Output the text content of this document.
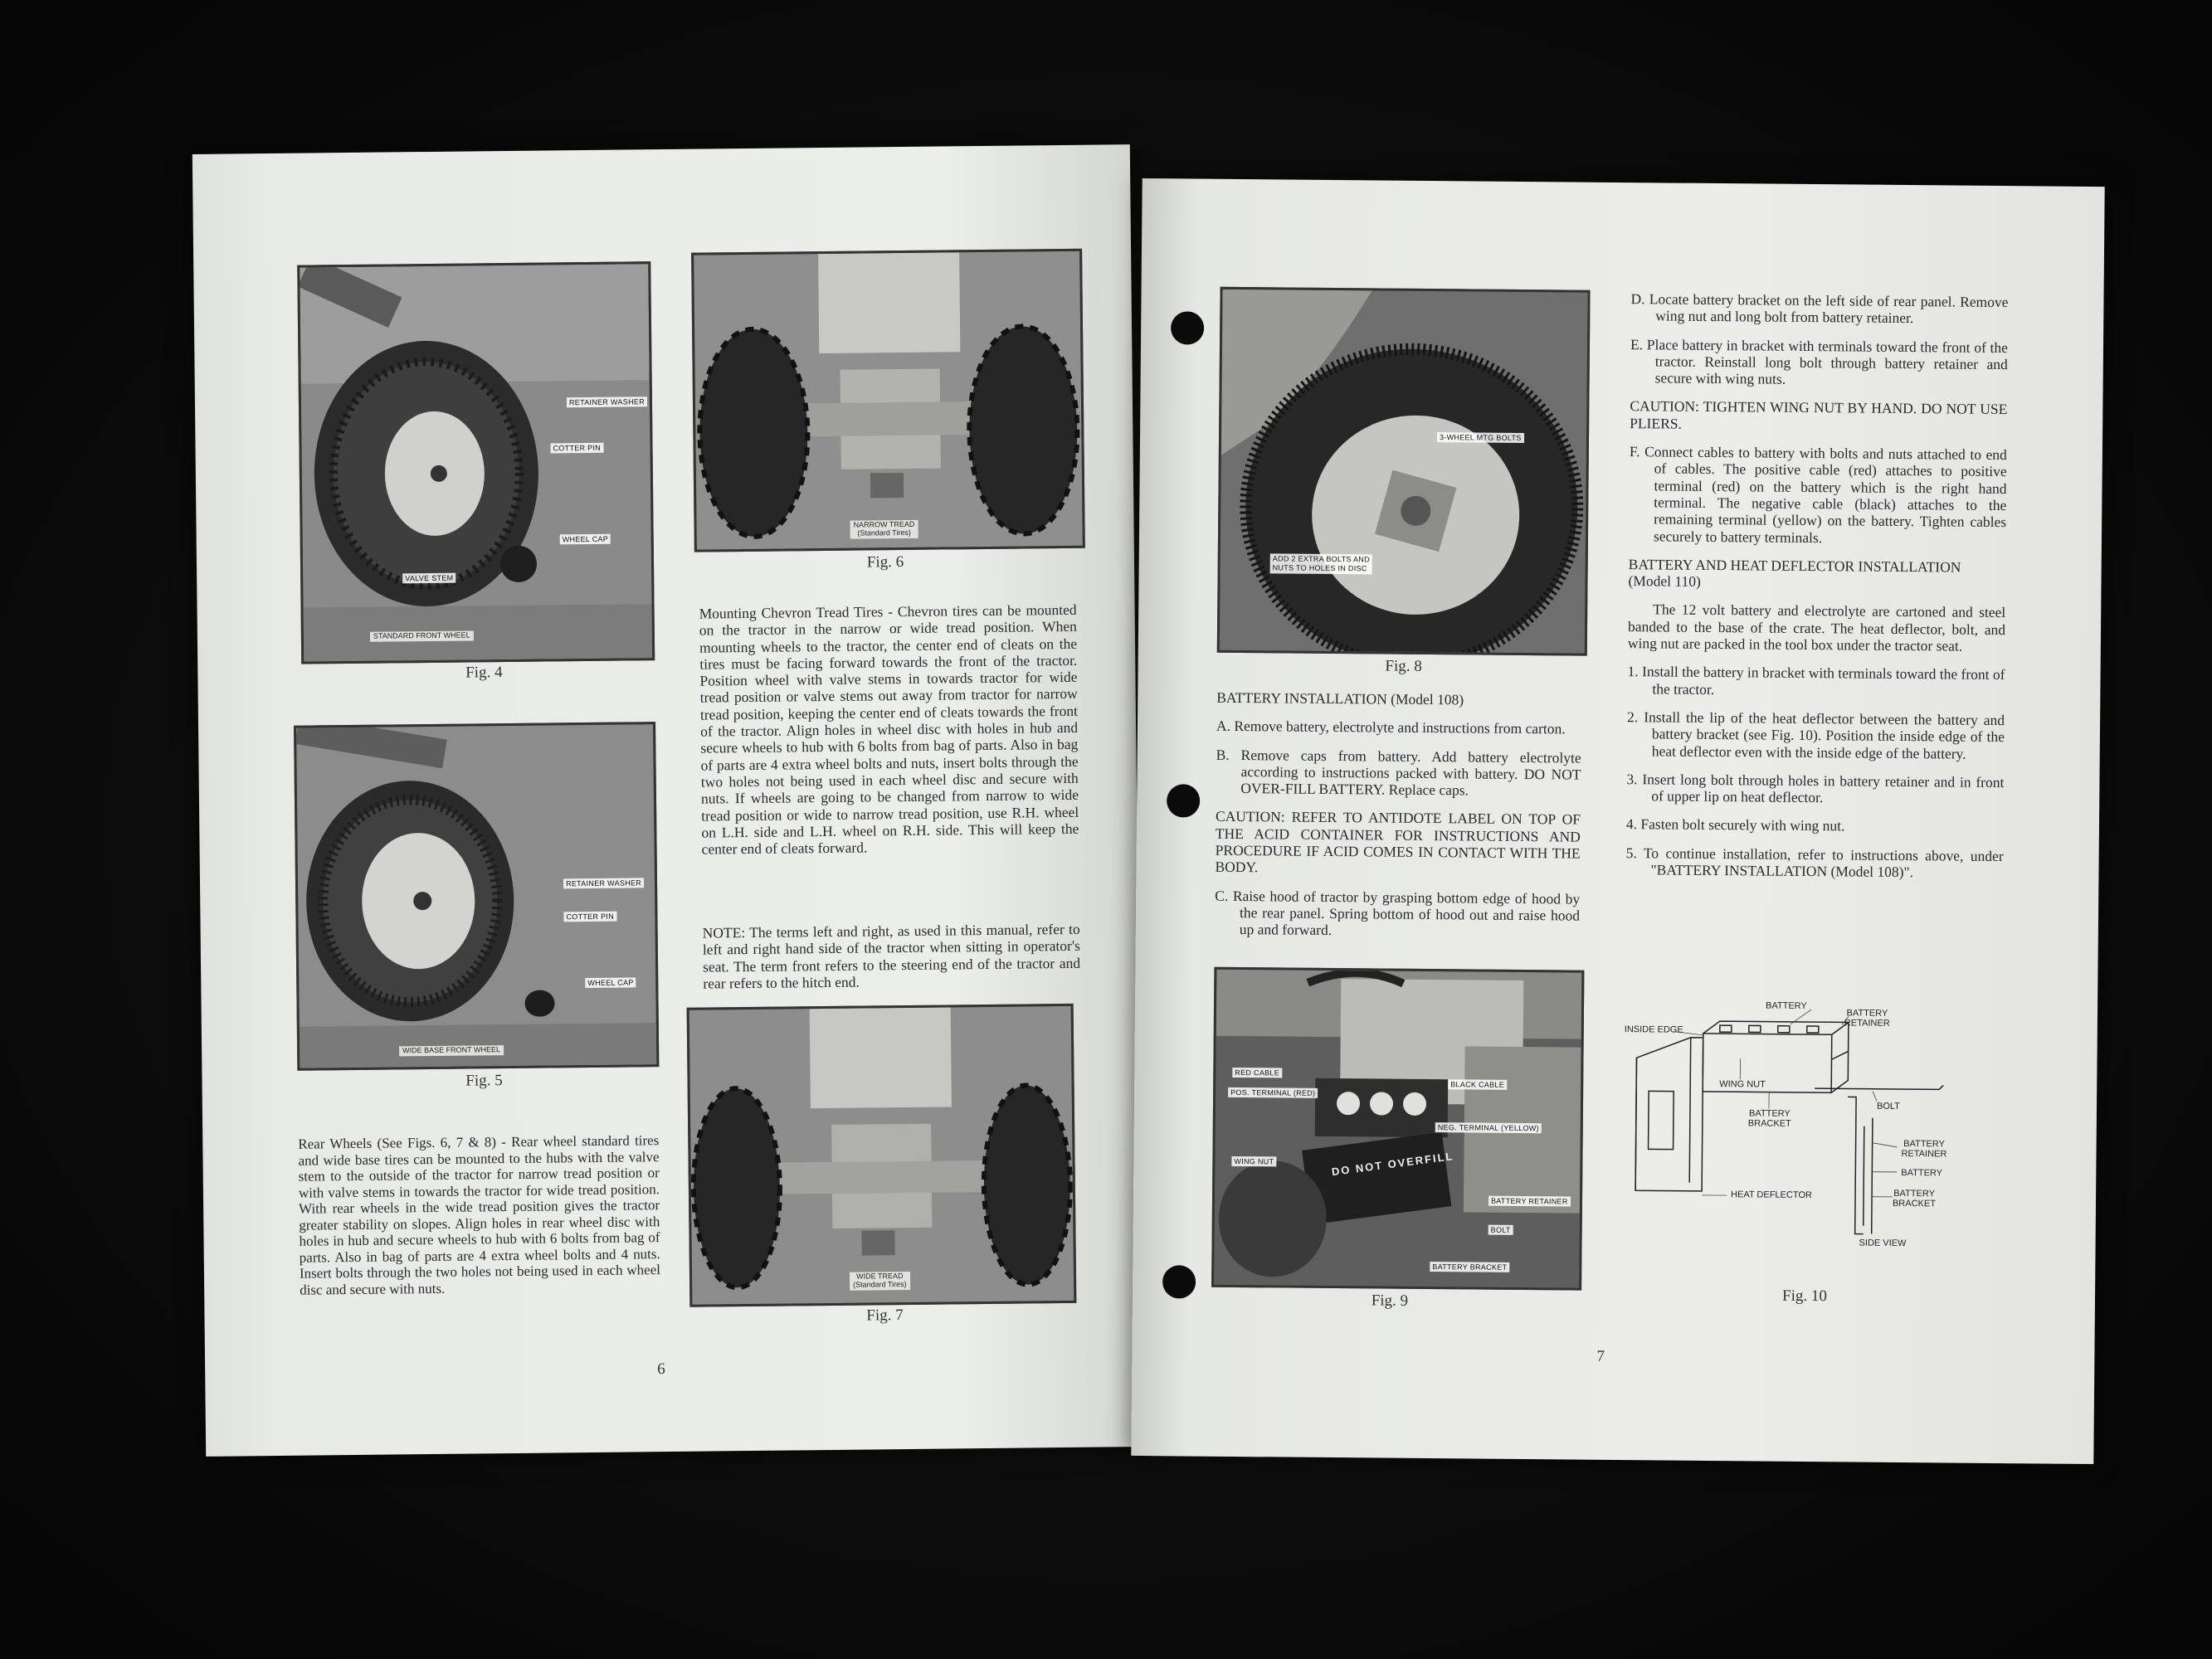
RETAINER WASHER
COTTER PIN
WHEEL CAP
VALVE STEM
STANDARD FRONT WHEEL
Fig. 4
RETAINER WASHER
COTTER PIN
WHEEL CAP
WIDE BASE FRONT WHEEL
Fig. 5
Rear Wheels (See Figs. 6, 7 & 8) - Rear wheel standard tires and wide base tires can be mounted to the hubs with the valve stem to the outside of the tractor for narrow tread position or with valve stems in towards the tractor for wide tread position. With rear wheels in the wide tread position gives the tractor greater stability on slopes. Align holes in rear wheel disc with holes in hub and secure wheels to hub with 6 bolts from bag of parts. Also in bag of parts are 4 extra wheel bolts and 4 nuts. Insert bolts through the two holes not being used in each wheel disc and secure with nuts.
NARROW TREAD
(Standard Tires)
Fig. 6
Mounting Chevron Tread Tires - Chevron tires can be mounted on the tractor in the narrow or wide tread position. When mounting wheels to the tractor, the center end of cleats on the tires must be facing forward towards the front of the tractor. Position wheel with valve stems in towards tractor for wide tread position or valve stems out away from tractor for narrow tread position, keeping the center end of cleats towards the front of the tractor. Align holes in wheel disc with holes in hub and secure wheels to hub with 6 bolts from bag of parts. Also in bag of parts are 4 extra wheel bolts and nuts, insert bolts through the two holes not being used in each wheel disc and secure with nuts. If wheels are going to be changed from narrow to wide tread position or wide to narrow tread position, use R.H. wheel on L.H. side and L.H. wheel on R.H. side. This will keep the center end of cleats forward.
NOTE: The terms left and right, as used in this manual, refer to left and right hand side of the tractor when sitting in operator's seat. The term front refers to the steering end of the tractor and rear refers to the hitch end.
WIDE TREAD
(Standard Tires)
Fig. 7
6
3-WHEEL MTG BOLTS
ADD 2 EXTRA BOLTS AND
NUTS TO HOLES IN DISC
Fig. 8

BATTERY INSTALLATION (Model 108)

A. Remove battery, electrolyte and instructions from carton.

B. Remove caps from battery. Add battery electrolyte according to instructions packed with battery. DO NOT OVER-FILL BATTERY. Replace caps.

CAUTION: REFER TO ANTIDOTE LABEL ON TOP OF THE ACID CONTAINER FOR INSTRUCTIONS AND PROCEDURE IF ACID COMES IN CONTACT WITH THE BODY.

C. Raise hood of tractor by grasping bottom edge of hood by the rear panel. Spring bottom of hood out and raise hood up and forward.

RED CABLE
POS. TERMINAL (RED)
BLACK CABLE
NEG. TERMINAL (YELLOW)
WING NUT
BATTERY RETAINER
BOLT
BATTERY BRACKET
DO NOT OVERFILL
Fig. 9

D. Locate battery bracket on the left side of rear panel. Remove wing nut and long bolt from battery retainer.

E. Place battery in bracket with terminals toward the front of the tractor. Reinstall long bolt through battery retainer and secure with wing nuts.

CAUTION: TIGHTEN WING NUT BY HAND. DO NOT USE PLIERS.

F. Connect cables to battery with bolts and nuts attached to end of cables. The positive cable (red) attaches to positive terminal (red) on the battery which is the right hand terminal. The negative cable (black) attaches to the remaining terminal (yellow) on the battery. Tighten cables securely to battery terminals.

BATTERY AND HEAT DEFLECTOR INSTALLATION
(Model 110)

The 12 volt battery and electrolyte are cartoned and steel banded to the base of the crate. The heat deflector, bolt, and wing nut are packed in the tool box under the tractor seat.

1. Install the battery in bracket with terminals toward the front of the tractor.

2. Install the lip of the heat deflector between the battery and battery bracket (see Fig. 10). Position the inside edge of the heat deflector even with the inside edge of the battery.

3. Insert long bolt through holes in battery retainer and in front of upper lip on heat deflector.

4. Fasten bolt securely with wing nut.

5. To continue installation, refer to instructions above, under "BATTERY INSTALLATION (Model 108)".

BATTERY
BATTERY
RETAINER
INSIDE EDGE
WING NUT
BOLT
BATTERY
BRACKET
HEAT DEFLECTOR
BATTERY
RETAINER
BATTERY
BATTERY
BRACKET
SIDE VIEW
Fig. 10
7
